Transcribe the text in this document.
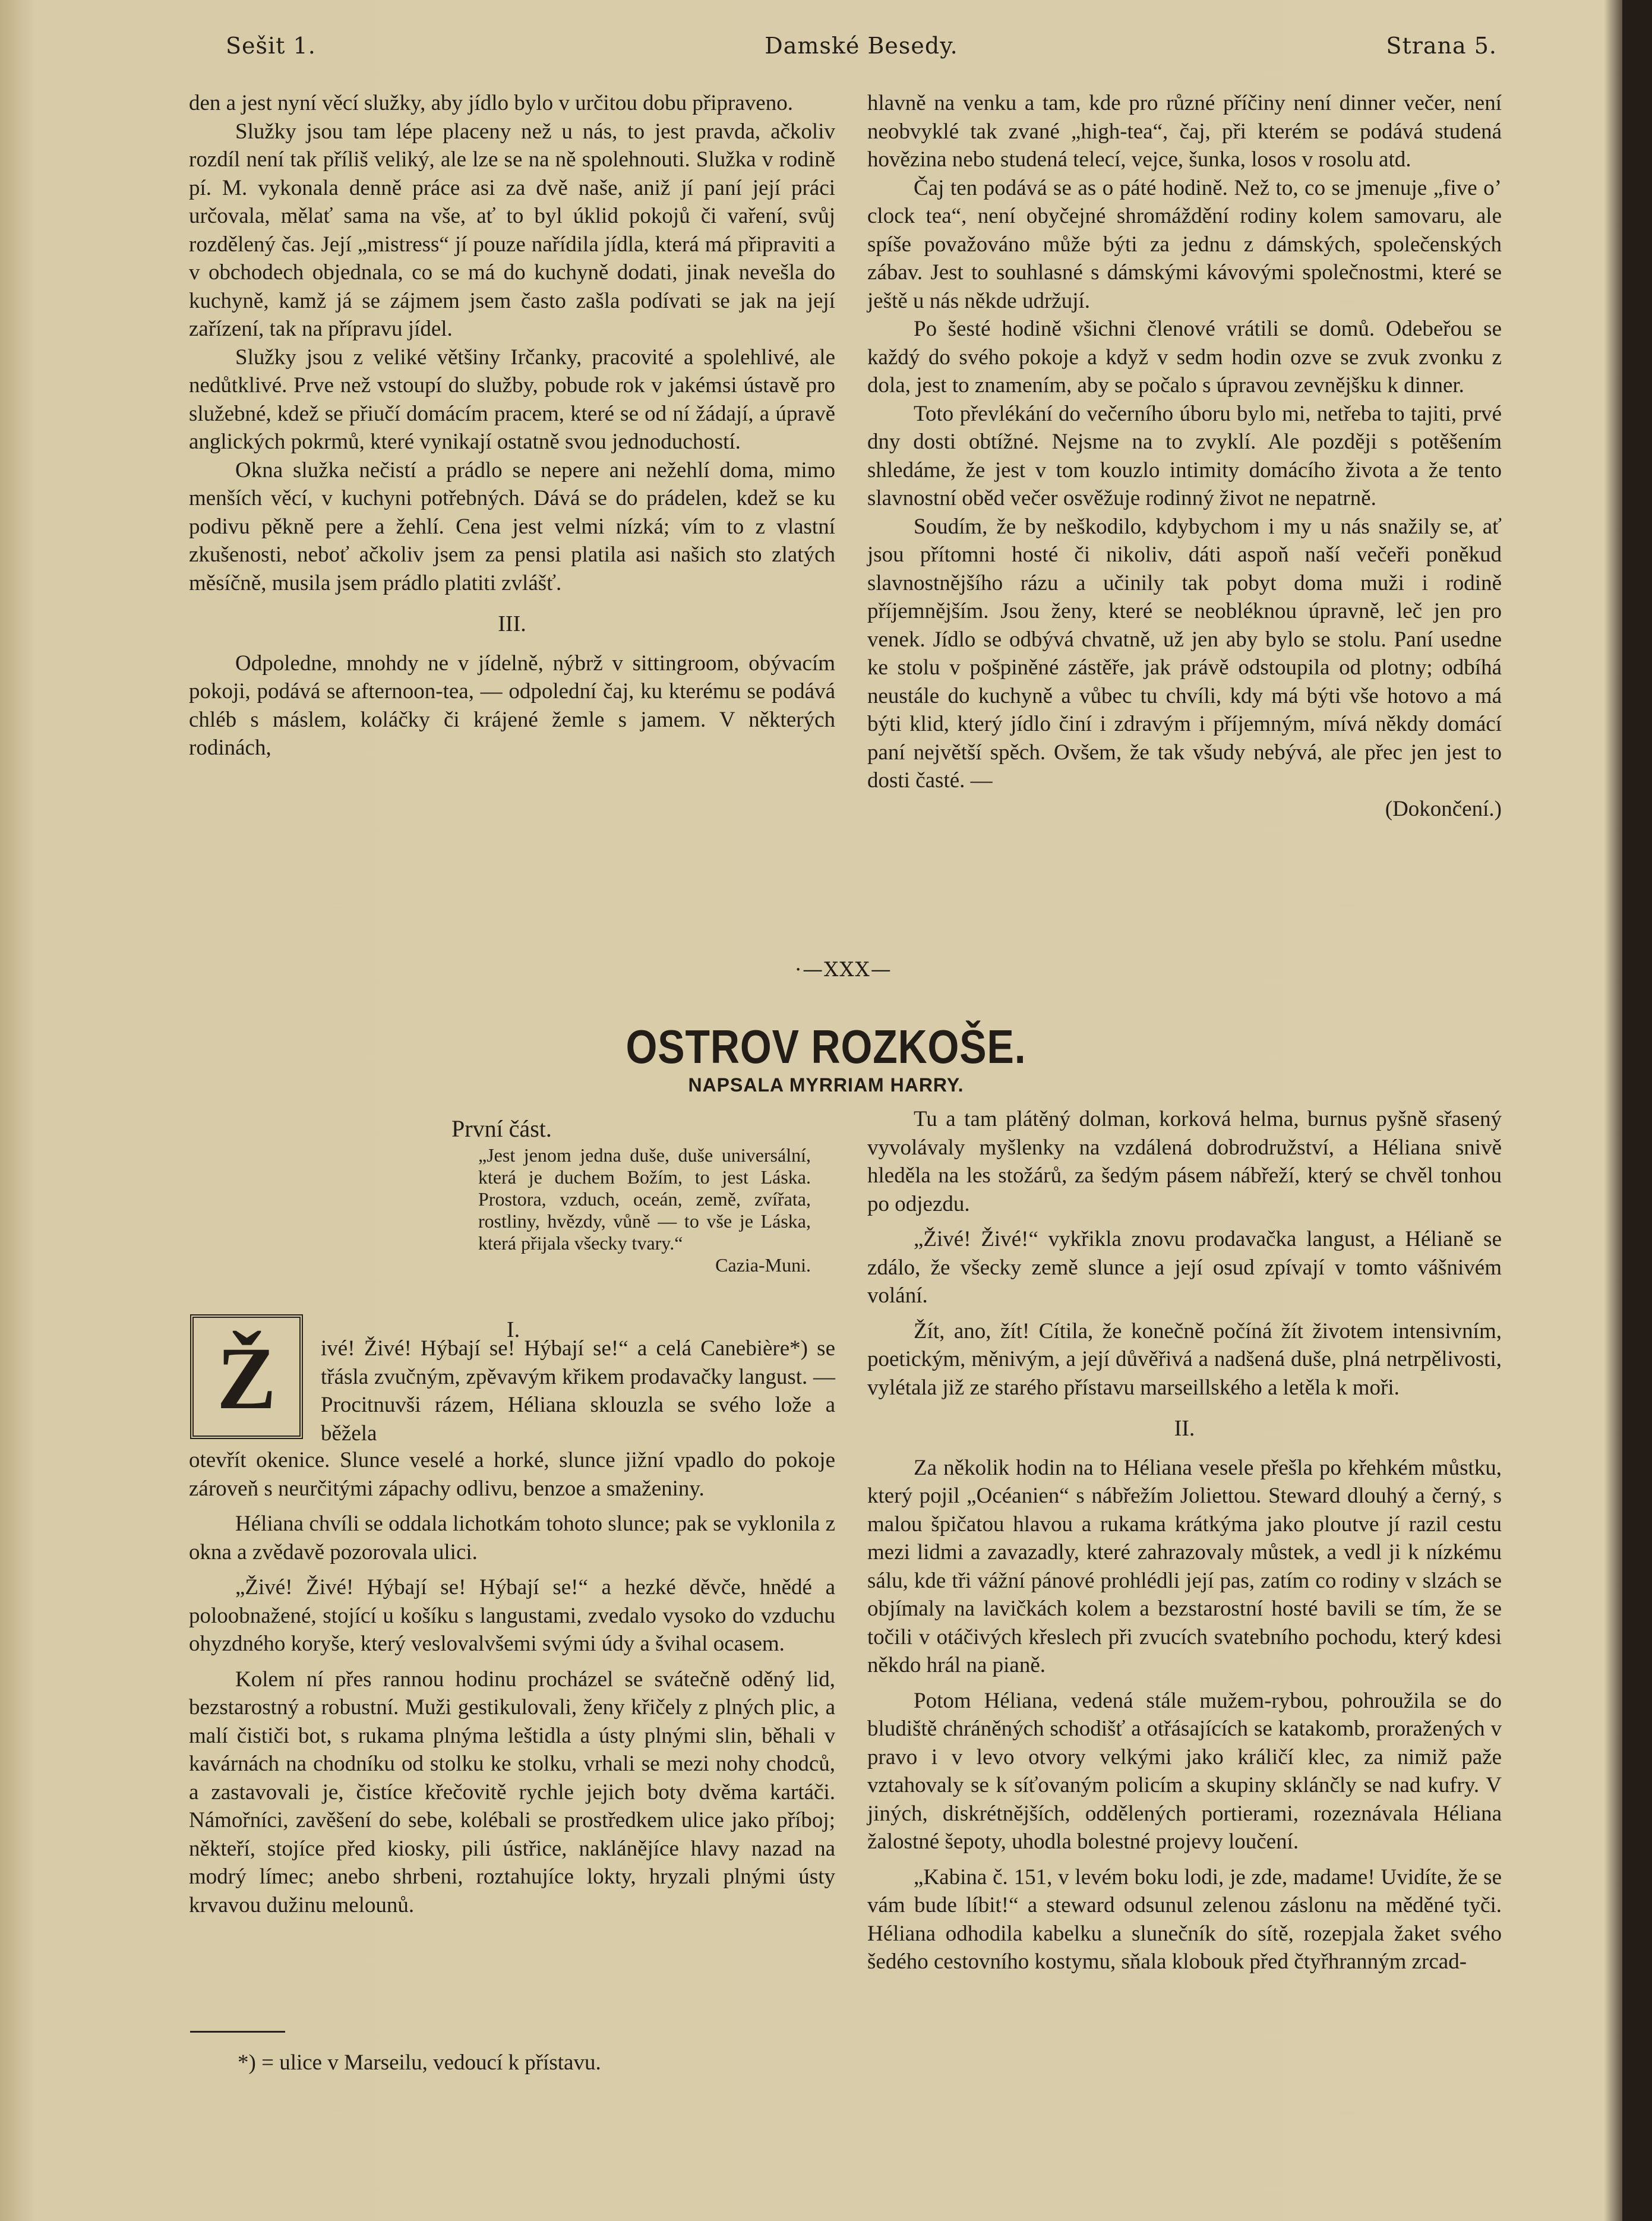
Sešit 1.	Damské Besedy.	Strana 5.

den a jest nyní věcí služky, aby jídlo bylo v určitou dobu připraveno.

Služky jsou tam lépe placeny než u nás, to jest pravda, ačkoliv rozdíl není tak příliš veliký, ale lze se na ně spolehnouti. Služka v rodině pí. M. vykonala denně práce asi za dvě naše, aniž jí paní její práci určovala, mělať sama na vše, ať to byl úklid pokojů či vaření, svůj rozdělený čas. Její „mistress“ jí pouze nařídila jídla, která má připraviti a v obchodech objednala, co se má do kuchyně dodati, jinak nevešla do kuchyně, kamž já se zájmem jsem často zašla podívati se jak na její zařízení, tak na přípravu jídel.

Služky jsou z veliké většiny Irčanky, pracovité a spolehlivé, ale nedůtklivé. Prve než vstoupí do služby, pobude rok v jakémsi ústavě pro služebné, kdež se přiučí domácím pracem, které se od ní žádají, a úpravě anglických pokrmů, které vynikají ostatně svou jednoduchostí.

Okna služka nečistí a prádlo se nepere ani nežehlí doma, mimo menších věcí, v kuchyni potřebných. Dává se do prádelen, kdež se ku podivu pěkně pere a žehlí. Cena jest velmi nízká; vím to z vlastní zkušenosti, neboť ačkoliv jsem za pensi platila asi našich sto zlatých měsíčně, musila jsem prádlo platiti zvlášť.

III.

Odpoledne, mnohdy ne v jídelně, nýbrž v sittingroom, obývacím pokoji, podává se afternoon-tea, — odpolední čaj, ku kterému se podává chléb s máslem, koláčky či krájené žemle s jamem. V některých rodinách,

hlavně na venku a tam, kde pro různé příčiny není dinner večer, není neobvyklé tak zvané „high-tea“, čaj, při kterém se podává studená hovězina nebo studená telecí, vejce, šunka, losos v rosolu atd.

Čaj ten podává se as o páté hodině. Než to, co se jmenuje „five o’ clock tea“, není obyčejné shromáždění rodiny kolem samovaru, ale spíše považováno může býti za jednu z dámských, společenských zábav. Jest to souhlasné s dámskými kávovými společnostmi, které se ještě u nás někde udržují.

Po šesté hodině všichni členové vrátili se domů. Odebeřou se každý do svého pokoje a když v sedm hodin ozve se zvuk zvonku z dola, jest to znamením, aby se počalo s úpravou zevnějšku k dinner.

Toto převlékání do večerního úboru bylo mi, netřeba to tajiti, prvé dny dosti obtížné. Nejsme na to zvyklí. Ale později s potěšením shledáme, že jest v tom kouzlo intimity domácího života a že tento slavnostní oběd večer osvěžuje rodinný život ne nepatrně.

Soudím, že by neškodilo, kdybychom i my u nás snažily se, ať jsou přítomni hosté či nikoliv, dáti aspoň naší večeři poněkud slavnostnějšího rázu a učinily tak pobyt doma muži i rodině příjemnějším. Jsou ženy, které se neobléknou úpravně, leč jen pro venek. Jídlo se odbývá chvatně, už jen aby bylo se stolu. Paní usedne ke stolu v pošpiněné zástěře, jak právě odstoupila od plotny; odbíhá neustále do kuchyně a vůbec tu chvíli, kdy má býti vše hotovo a má býti klid, který jídlo činí i zdravým i příjemným, mívá někdy domácí paní největší spěch. Ovšem, že tak všudy nebývá, ale přec jen jest to dosti časté. —

(Dokončení.)

·—XXX—
OSTROV ROZKOŠE.
NAPSALA MYRRIAM HARRY.
První část.
„Jest jenom jedna duše, duše universální, která je duchem Božím, to jest Láska. Prostora, vzduch, oceán, země, zvířata, rostliny, hvězdy, vůně — to vše je Láska, která přijala všecky tvary.“
Cazia-Muni.
I.
Ž	ivé! Živé! Hýbají se! Hýbají se!“ a celá Canebière*) se třásla zvučným, zpěvavým křikem prodavačky langust. — Procitnuvši rázem, Héliana sklouzla se svého lože a běžela

otevřít okenice. Slunce veselé a horké, slunce jižní vpadlo do pokoje zároveň s neurčitými zápachy odlivu, benzoe a smaženiny.

Héliana chvíli se oddala lichotkám tohoto slunce; pak se vyklonila z okna a zvědavě pozorovala ulici.

„Živé! Živé! Hýbají se! Hýbají se!“ a hezké děvče, hnědé a poloobnažené, stojící u košíku s langustami, zvedalo vysoko do vzduchu ohyzdného koryše, který veslovalvšemi svými údy a švihal ocasem.

Kolem ní přes rannou hodinu procházel se svátečně oděný lid, bezstarostný a robustní. Muži gestikulovali, ženy křičely z plných plic, a malí čističi bot, s rukama plnýma leštidla a ústy plnými slin, běhali v kavárnách na chodníku od stolku ke stolku, vrhali se mezi nohy chodců, a zastavovali je, čistíce křečovitě rychle jejich boty dvěma kartáči. Námořníci, zavěšení do sebe, kolébali se prostředkem ulice jako příboj; někteří, stojíce před kiosky, pili ústřice, naklánějíce hlavy nazad na modrý límec; anebo shrbeni, roztahujíce lokty, hryzali plnými ústy krvavou dužinu melounů.

*) = ulice v Marseilu, vedoucí k přístavu.

Tu a tam plátěný dolman, korková helma, burnus pyšně sřasený vyvolávaly myšlenky na vzdálená dobrodružství, a Héliana snivě hleděla na les stožárů, za šedým pásem nábřeží, který se chvěl tonhou po odjezdu.

„Živé! Živé!“ vykřikla znovu prodavačka langust, a Hélianě se zdálo, že všecky země slunce a její osud zpívají v tomto vášnivém volání.

Žít, ano, žít! Cítila, že konečně počíná žít životem intensivním, poetickým, měnivým, a její důvěřivá a nadšená duše, plná netrpělivosti, vylétala již ze starého přístavu marseillského a letěla k moři.

II.

Za několik hodin na to Héliana vesele přešla po křehkém můstku, který pojil „Océanien“ s nábřežím Joliettou. Steward dlouhý a černý, s malou špičatou hlavou a rukama krátkýma jako ploutve jí razil cestu mezi lidmi a zavazadly, které zahrazovaly můstek, a vedl ji k nízkému sálu, kde tři vážní pánové prohlédli její pas, zatím co rodiny v slzách se objímaly na lavičkách kolem a bezstarostní hosté bavili se tím, že se točili v otáčivých křeslech při zvucích svatebního pochodu, který kdesi někdo hrál na pianě.

Potom Héliana, vedená stále mužem-rybou, pohroužila se do bludiště chráněných schodišť a otřásajících se katakomb, proražených v pravo i v levo otvory velkými jako králičí klec, za nimiž paže vztahovaly se k síťovaným policím a skupiny sklánčly se nad kufry. V jiných, diskrétnějších, oddělených portierami, rozeznávala Héliana žalostné šepoty, uhodla bolestné projevy loučení.

„Kabina č. 151, v levém boku lodi, je zde, madame! Uvidíte, že se vám bude líbit!“ a steward odsunul zelenou záslonu na měděné tyči. Héliana odhodila kabelku a slunečník do sítě, rozepjala žaket svého šedého cestovního kostymu, sňala klobouk před čtyřhranným zrcad-
